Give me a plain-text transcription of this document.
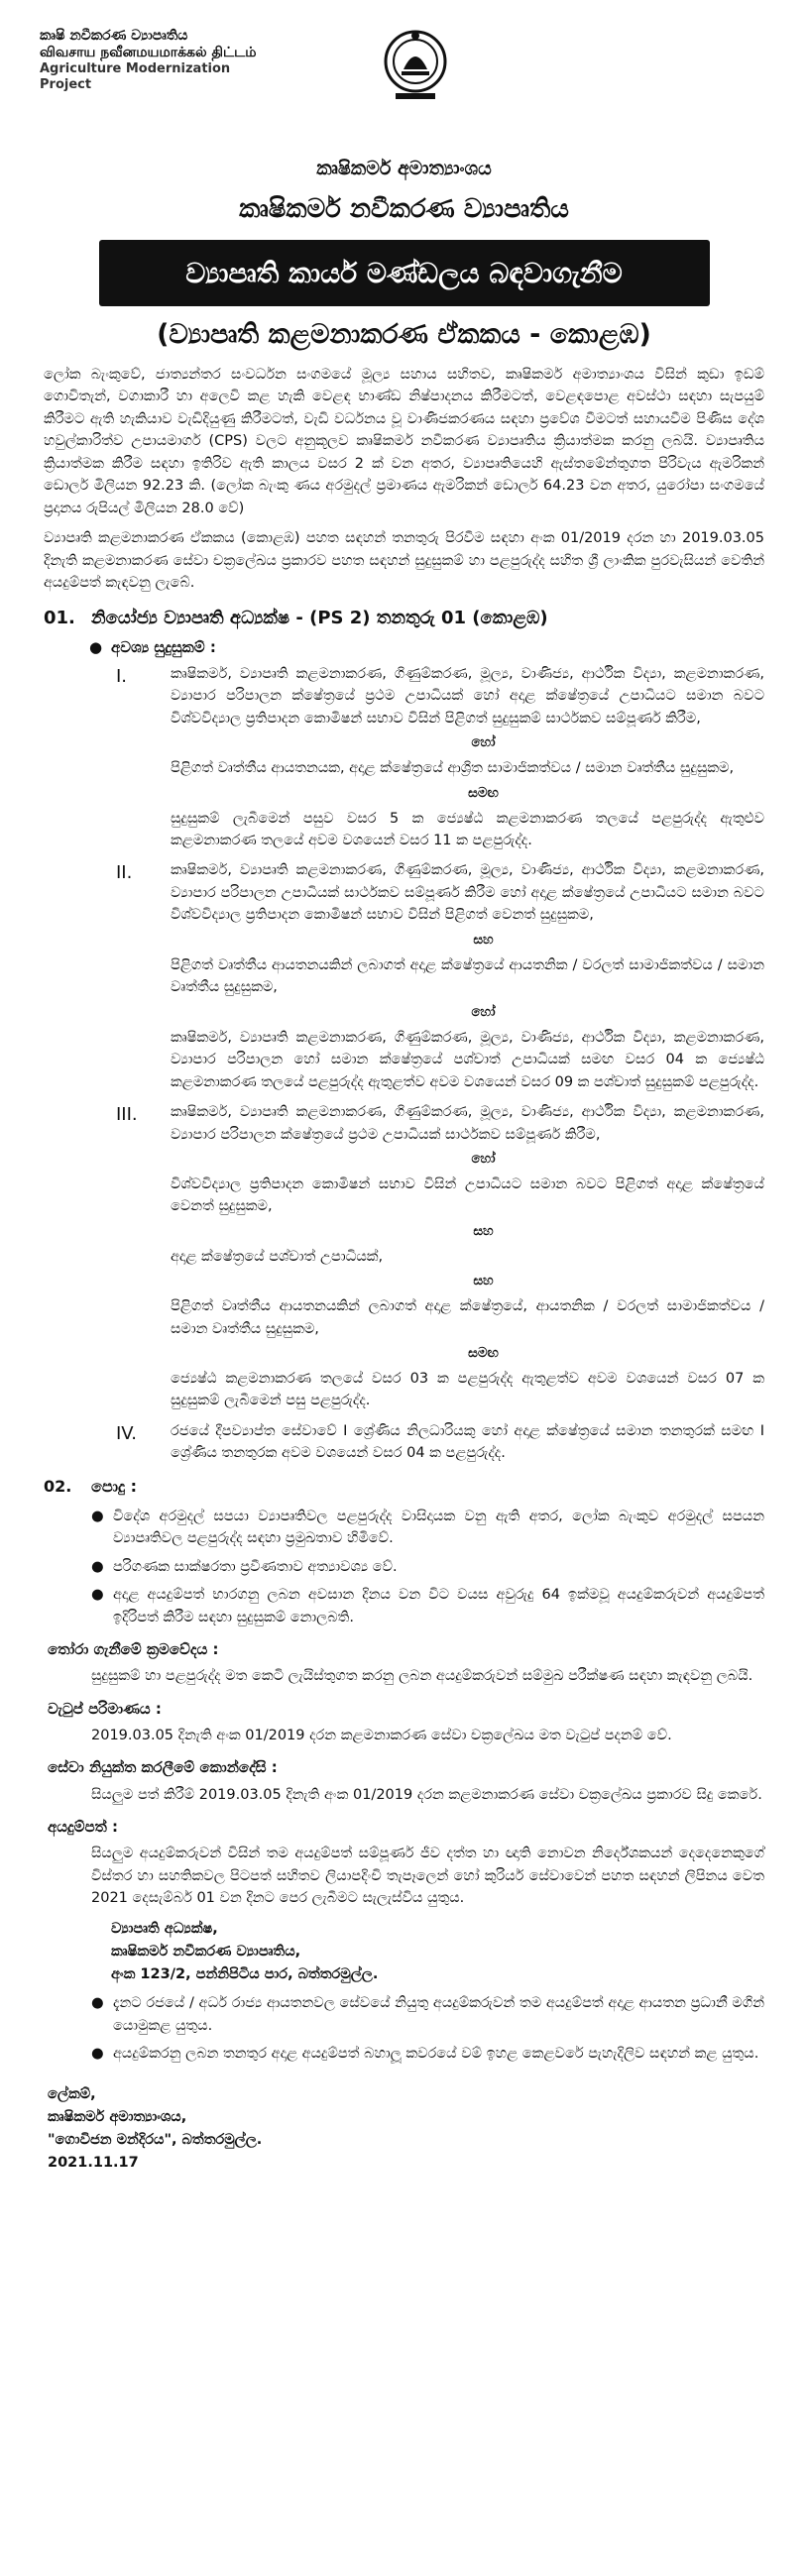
කෘෂි නවීකරණ ව්‍යාපෘතිය
விவசாய நவீனமயமாக்கல் திட்டம்
Agriculture Modernization Project
කෘෂිකර්ම අමාත්‍යාංශය
කෘෂිකර්ම නවීකරණ ව්‍යාපෘතිය
ව්‍යාපෘති කාර්ය මණ්ඩලය බඳවාගැනීම
(ව්‍යාපෘති කළමනාකරණ ඒකකය - කොළඹ)
ලෝක බැංකුවේ, ජාත්‍යන්තර සංවර්ධන සංගමයේ මූල්‍ය සහාය සහිතව, කෘෂිකර්ම අමාත්‍යාංශය විසින් කුඩා ඉඩම් ගොවිතැන්, වගාකාරී හා අලෙවි කළ හැකි වෙළඳ භාණ්ඩ නිෂ්පාදනය කිරීමටත්, වෙළඳපොළ අවස්ථා සඳහා සැපයුම් කිරීමට ඇති හැකියාව වැඩිදියුණු කිරීමටත්, වැඩි වර්ධනය වූ වාණිජකරණය සඳහා ප්‍රවේශ වීමටත් සහායවීම පිණිස දේශ හවුල්කාරිත්ව උපායමාර්ග (CPS) වලට අනුකූලව කෘෂිකර්ම නවීකරණ ව්‍යාපෘතිය ක්‍රියාත්මක කරනු ලබයි. ව්‍යාපෘතිය ක්‍රියාත්මක කිරීම සඳහා ඉතිරිව ඇති කාලය වසර 2 ක් වන අතර, ව්‍යාපෘතියෙහි ඇස්තමේන්තුගත පිරිවැය ඇමරිකන් ඩොලර් මිලියන 92.23 කි. (ලෝක බැංකු ණය අරමුදල් ප්‍රමාණය ඇමරිකන් ඩොලර් 64.23 වන අතර, යුරෝපා සංගමයේ ප්‍රදානය රුපියල් මිලියන 28.0 වේ)
ව්‍යාපෘති කළමනාකරණ ඒකකය (කොළඹ) පහත සඳහන් තනතුරු පිරවීම සඳහා අංක 01/2019 දරන හා 2019.03.05 දිනැති කළමනාකරණ සේවා චක්‍රලේඛය ප්‍රකාරව පහත සඳහන් සුදුසුකම් හා පළපුරුද්ද සහිත ශ්‍රී ලාංකික පුරවැසියන් වෙතින් අයදුම්පත් කැඳවනු ලැබේ.
01. නියෝජ්‍ය ව්‍යාපෘති අධ්‍යක්ෂ - (PS 2) තනතුරු 01 (කොළඹ)
● අවශ්‍ය සුදුසුකම් :
I.	කෘෂිකර්ම, ව්‍යාපෘති කළමනාකරණ, ගිණුම්කරණ, මූල්‍ය, වාණිජ්‍ය, ආර්ථික විද්‍යා, කළමනාකරණ, ව්‍යාපාර පරිපාලන ක්ෂේත්‍රයේ ප්‍රථම උපාධියක් හෝ අදාළ ක්ෂේත්‍රයේ උපාධියට සමාන බවට විශ්වවිද්‍යාල ප්‍රතිපාදන කොමිෂන් සභාව විසින් පිළිගත් සුදුසුකම් සාර්ථකව සම්පූර්ණ කිරීම,
හෝ
පිළිගත් වෘත්තීය ආයතනයක, අදාළ ක්ෂේත්‍රයේ ආශ්‍රිත සාමාජිකත්වය / සමාන වෘත්තීය සුදුසුකම,
සමඟ
සුදුසුකම් ලැබීමෙන් පසුව වසර 5 ක ජ්‍යෙෂ්ඨ කළමනාකරණ තලයේ පළපුරුද්ද ඇතුළුව කළමනාකරණ තලයේ අවම වශයෙන් වසර 11 ක පළපුරුද්ද.
II.	කෘෂිකර්ම, ව්‍යාපෘති කළමනාකරණ, ගිණුම්කරණ, මූල්‍ය, වාණිජ්‍ය, ආර්ථික විද්‍යා, කළමනාකරණ, ව්‍යාපාර පරිපාලන උපාධියක් සාර්ථකව සම්පූර්ණ කිරීම හෝ අදාළ ක්ෂේත්‍රයේ උපාධියට සමාන බවට විශ්වවිද්‍යාල ප්‍රතිපාදන කොමිෂන් සභාව විසින් පිළිගත් වෙනත් සුදුසුකම,
සහ
පිළිගත් වෘත්තීය ආයතනයකින් ලබාගත් අදාළ ක්ෂේත්‍රයේ ආයතනික / වරලත් සාමාජිකත්වය / සමාන වෘත්තීය සුදුසුකම,
හෝ
කෘෂිකර්ම, ව්‍යාපෘති කළමනාකරණ, ගිණුම්කරණ, මූල්‍ය, වාණිජ්‍ය, ආර්ථික විද්‍යා, කළමනාකරණ, ව්‍යාපාර පරිපාලන හෝ සමාන ක්ෂේත්‍රයේ පශ්චාත් උපාධියක් සමඟ වසර 04 ක ජ්‍යෙෂ්ඨ කළමනාකරණ තලයේ පළපුරුද්ද ඇතුළත්ව අවම වශයෙන් වසර 09 ක පශ්චාත් සුදුසුකම් පළපුරුද්ද.
III. කෘෂිකර්ම, ව්‍යාපෘති කළමනාකරණ, ගිණුම්කරණ, මූල්‍ය, වාණිජ්‍ය, ආර්ථික විද්‍යා, කළමනාකරණ, ව්‍යාපාර පරිපාලන ක්ෂේත්‍රයේ ප්‍රථම උපාධියක් සාර්ථකව සම්පූර්ණ කිරීම,
හෝ
විශ්වවිද්‍යාල ප්‍රතිපාදන කොමිෂන් සභාව විසින් උපාධියට සමාන බවට පිළිගත් අදාළ ක්ෂේත්‍රයේ වෙනත් සුදුසුකම,
සහ
අදාළ ක්ෂේත්‍රයේ පශ්චාත් උපාධියක්,
සහ
පිළිගත් වෘත්තීය ආයතනයකින් ලබාගත් අදාළ ක්ෂේත්‍රයේ, ආයතනික / වරලත් සාමාජිකත්වය / සමාන වෘත්තීය සුදුසුකම,
සමඟ
ජ්‍යෙෂ්ඨ කළමනාකරණ තලයේ වසර 03 ක පළපුරුද්ද ඇතුළත්ව අවම වශයෙන් වසර 07 ක සුදුසුකම් ලැබීමෙන් පසු පළපුරුද්ද.
IV. රජයේ දීපව්‍යාප්ත සේවාවේ I ශ්‍රේණිය නිලධාරියකු හෝ අදාළ ක්ෂේත්‍රයේ සමාන තනතුරක් සමඟ I ශ්‍රේණිය තනතුරක අවම වශයෙන් වසර 04 ක පළපුරුද්ද.
02. පොදු :
● විදේශ අරමුදල් සපයා ව්‍යාපෘතිවල පළපුරුද්ද වාසිදායක වනු ඇති අතර, ලෝක බැංකුව අරමුදල් සපයන ව්‍යාපෘතිවල පළපුරුද්ද සඳහා ප්‍රමුඛතාව හිමිවේ.
● පරිගණක සාක්ෂරතා ප්‍රවීණතාව අත්‍යාවශ්‍ය වේ.
● අදාළ අයදුම්පත් භාරගනු ලබන අවසාන දිනය වන විට වයස අවුරුදු 64 ඉක්මවූ අයදුම්කරුවන් අයදුම්පත් ඉදිරිපත් කිරීම සඳහා සුදුසුකම් නොලබති.
තෝරා ගැනීමේ ක්‍රමවේදය :
සුදුසුකම් හා පළපුරුද්ද මත කෙටි ලැයිස්තුගත කරනු ලබන අයදුම්කරුවන් සම්මුඛ පරීක්ෂණ සඳහා කැඳවනු ලබයි.
වැටුප් පරිමාණය :
2019.03.05 දිනැති අංක 01/2019 දරන කළමනාකරණ සේවා චක්‍රලේඛය මත වැටුප් පදනම් වේ.
සේවා නියුක්ත කරලීමේ කොන්දේසි :
සියලුම පත් කිරීම් 2019.03.05 දිනැති අංක 01/2019 දරන කළමනාකරණ සේවා චක්‍රලේඛය ප්‍රකාරව සිදු කෙරේ.
අයදුම්පත් :
සියලුම අයදුම්කරුවන් විසින් තම අයදුම්පත් සම්පූර්ණ ජීව දත්ත හා ඥාති නොවන නිර්දේශකයන් දෙදෙනෙකුගේ විස්තර හා සහතිකවල පිටපත් සහිතව ලියාපදිංචි තැපෑලෙන් හෝ කුරියර් සේවාවෙන් පහත සඳහන් ලිපිනය වෙත 2021 දෙසැම්බර් 01 වන දිනට පෙර ලැබීමට සැලැස්විය යුතුය.
ව්‍යාපෘති අධ්‍යක්ෂ,
කෘෂිකර්ම නවීකරණ ව්‍යාපෘතිය,
අංක 123/2, පන්නිපිටිය පාර, බත්තරමුල්ල.
● දැනට රජයේ / අර්ධ රාජ්‍ය ආයතනවල සේවයේ නියුතු අයදුම්කරුවන් තම අයදුම්පත් අදාළ ආයතන ප්‍රධානී මගින් යොමුකළ යුතුය.
● අයදුම්කරනු ලබන තනතුර අදාළ අයදුම්පත් බහාලූ කවරයේ වම් ඉහළ කෙළවරේ පැහැදිලිව සඳහන් කළ යුතුය.
ලේකම්,
කෘෂිකර්ම අමාත්‍යාංශය,
"ගොවිජන මන්දිරය", බත්තරමුල්ල.
2021.11.17
